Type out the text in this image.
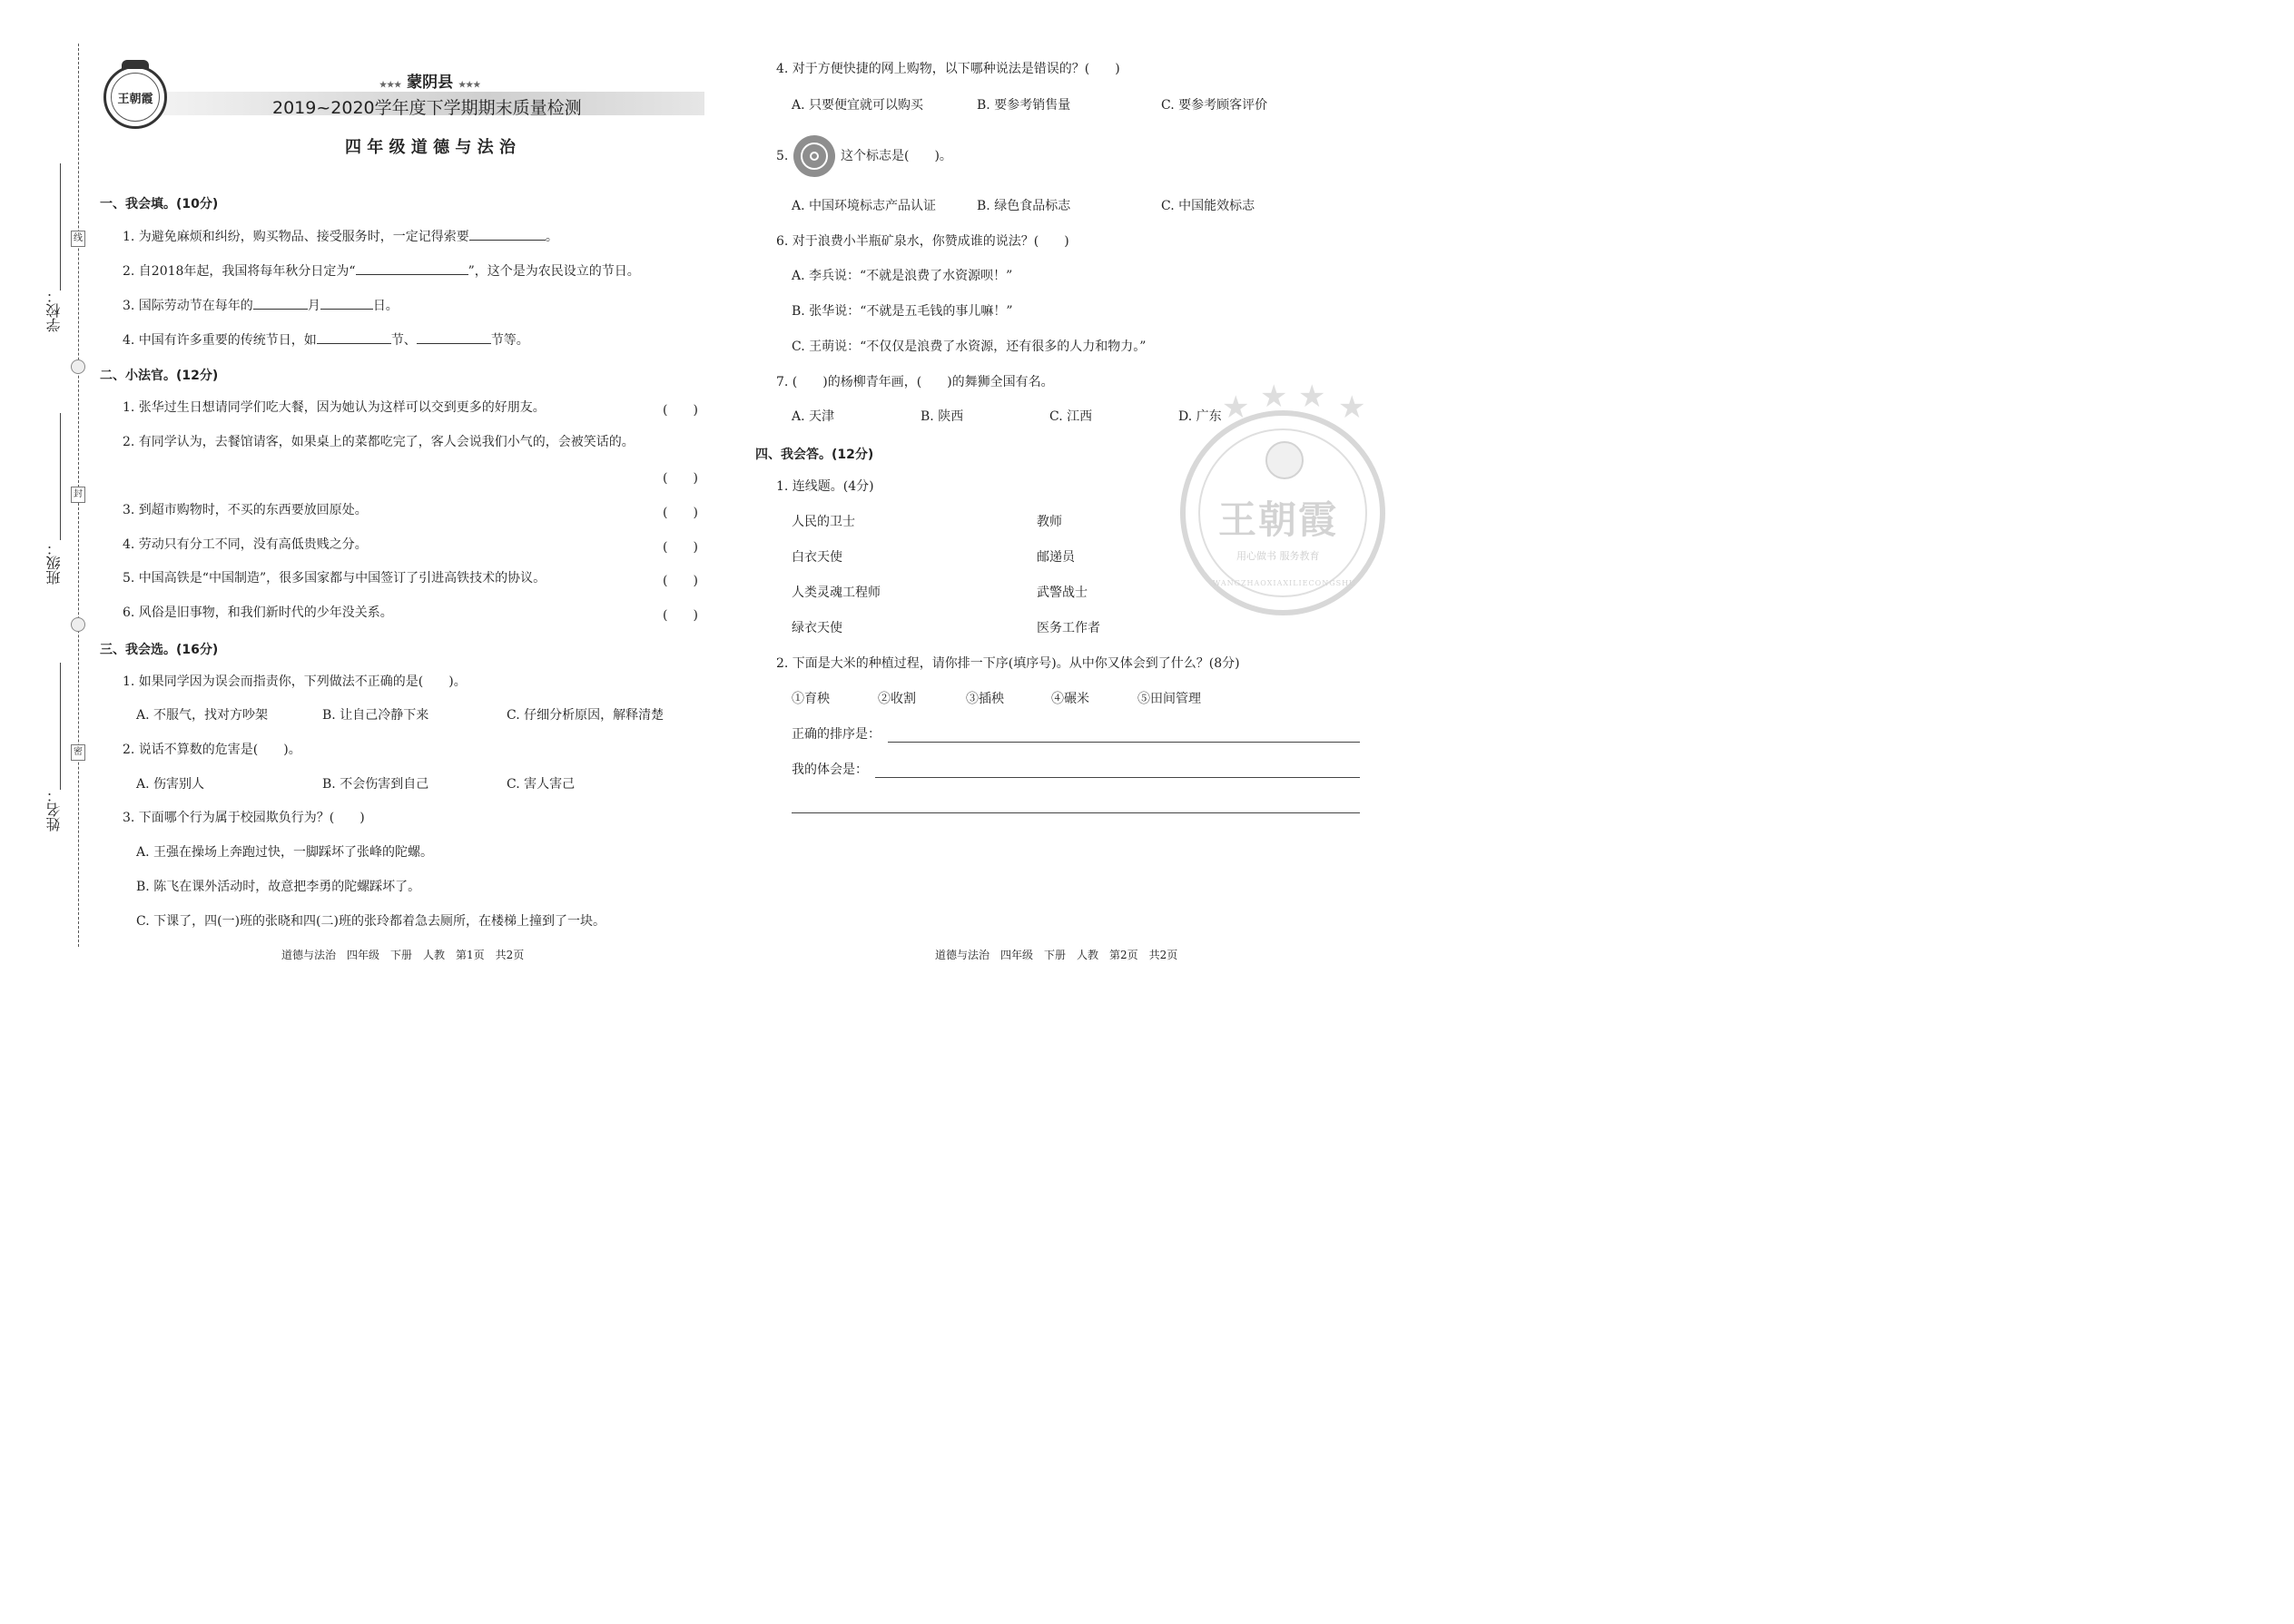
学校：
班级：
姓名：
线
封
密
王朝霞
★★★ 蒙阴县 ★★★
2019~2020学年度下学期期末质量检测
四 年 级 道 德 与 法 治
一、我会填。(10分)
1. 为避免麻烦和纠纷，购买物品、接受服务时，一定记得索要	。
2. 自2018年起，我国将每年秋分日定为“	”，这个是为农民设立的节日。
3. 国际劳动节在每年的	月	日。
4. 中国有许多重要的传统节日，如	节、	节等。
二、小法官。(12分)
1. 张华过生日想请同学们吃大餐，因为她认为这样可以交到更多的好朋友。	(　　)
2. 有同学认为，去餐馆请客，如果桌上的菜都吃完了，客人会说我们小气的，会被笑话的。
(　　)
3. 到超市购物时，不买的东西要放回原处。	(　　)
4. 劳动只有分工不同，没有高低贵贱之分。	(　　)
5. 中国高铁是“中国制造”，很多国家都与中国签订了引进高铁技术的协议。	(　　)
6. 风俗是旧事物，和我们新时代的少年没关系。	(　　)
三、我会选。(16分)
1. 如果同学因为误会而指责你，下列做法不正确的是(　　)。
A. 不服气，找对方吵架	B. 让自己冷静下来	C. 仔细分析原因，解释清楚
2. 说话不算数的危害是(　　)。
A. 伤害别人	B. 不会伤害到自己	C. 害人害己
3. 下面哪个行为属于校园欺负行为？(　　)
A. 王强在操场上奔跑过快，一脚踩坏了张峰的陀螺。
B. 陈飞在课外活动时，故意把李勇的陀螺踩坏了。
C. 下课了，四(一)班的张晓和四(二)班的张玲都着急去厕所，在楼梯上撞到了一块。
道德与法治　四年级　下册　人教　第1页　共2页
4. 对于方便快捷的网上购物，以下哪种说法是错误的？(　　)
A. 只要便宜就可以购买	B. 要参考销售量	C. 要参考顾客评价
5.	这个标志是(　　)。
A. 中国环境标志产品认证	B. 绿色食品标志	C. 中国能效标志
6. 对于浪费小半瓶矿泉水，你赞成谁的说法？(　　)
A. 李兵说：“不就是浪费了水资源呗！”
B. 张华说：“不就是五毛钱的事儿嘛！”
C. 王萌说：“不仅仅是浪费了水资源，还有很多的人力和物力。”
7. (　　)的杨柳青年画，(　　)的舞狮全国有名。
A. 天津	B. 陕西	C. 江西	D. 广东
王朝霞
用心做书 服务教育
WANGZHAOXIAXILIECONGSHU
★ ★ ★ ★
四、我会答。(12分)
1. 连线题。(4分)
人民的卫士	教师
白衣天使	邮递员
人类灵魂工程师	武警战士
绿衣天使	医务工作者
2. 下面是大米的种植过程，请你排一下序(填序号)。从中你又体会到了什么？(8分)
①育秧	②收割	③插秧	④碾米	⑤田间管理
正确的排序是：
我的体会是：
道德与法治　四年级　下册　人教　第2页　共2页
